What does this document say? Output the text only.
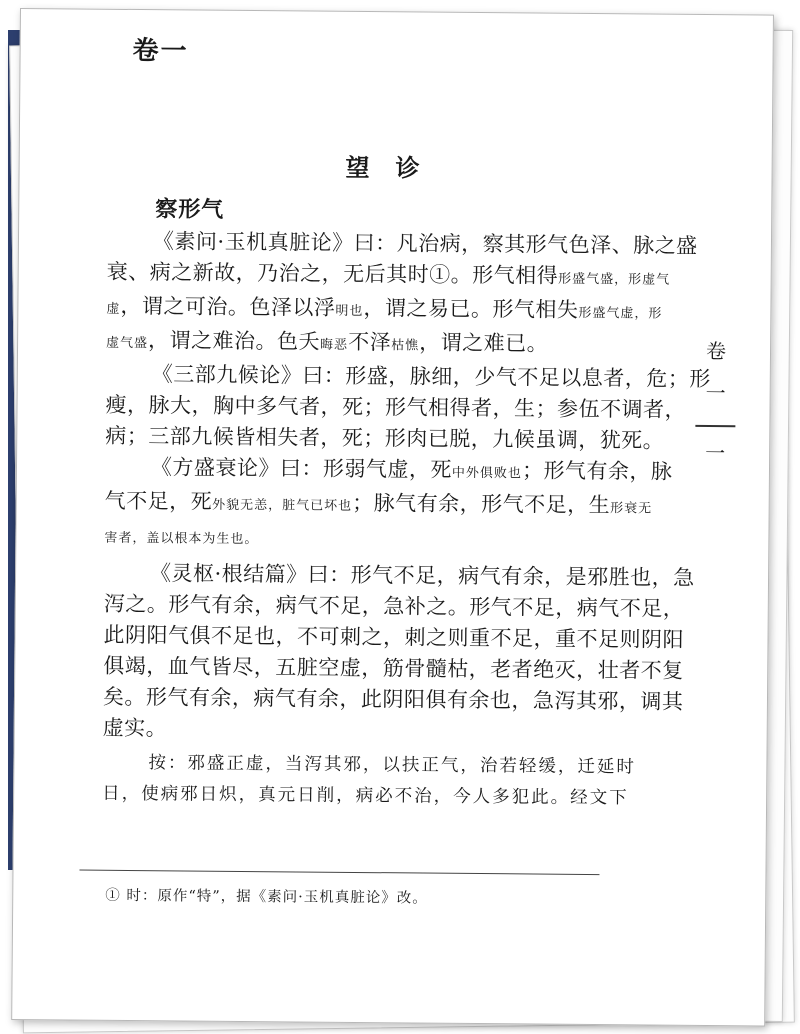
卷一
卷
一
一
望诊
察形气
《素问·玉机真脏论》曰：凡治病，察其形气色泽、脉之盛
衰、病之新故，乃治之，无后其时①。形气相得形盛气盛，形虚气
虚，谓之可治。色泽以浮明也，谓之易已。形气相失形盛气虚，形
虚气盛，谓之难治。色夭晦恶不泽枯憔，谓之难已。
《三部九候论》曰：形盛，脉细，少气不足以息者，危；形
瘦，脉大，胸中多气者，死；形气相得者，生；参伍不调者，
病；三部九候皆相失者，死；形肉已脱，九候虽调，犹死。
《方盛衰论》曰：形弱气虚，死中外俱败也；形气有余，脉
气不足，死外貌无恙，脏气已坏也；脉气有余，形气不足，生形衰无
害者，盖以根本为生也。
《灵枢·根结篇》曰：形气不足，病气有余，是邪胜也，急
泻之。形气有余，病气不足，急补之。形气不足，病气不足，
此阴阳气俱不足也，不可刺之，刺之则重不足，重不足则阴阳
俱竭，血气皆尽，五脏空虚，筋骨髓枯，老者绝灭，壮者不复
矣。形气有余，病气有余，此阴阳俱有余也，急泻其邪，调其
虚实。
按：邪盛正虚，当泻其邪，以扶正气，治若轻缓，迁延时
日，使病邪日炽，真元日削，病必不治，今人多犯此。经文下
① 时：原作“特”，据《素问·玉机真脏论》改。
